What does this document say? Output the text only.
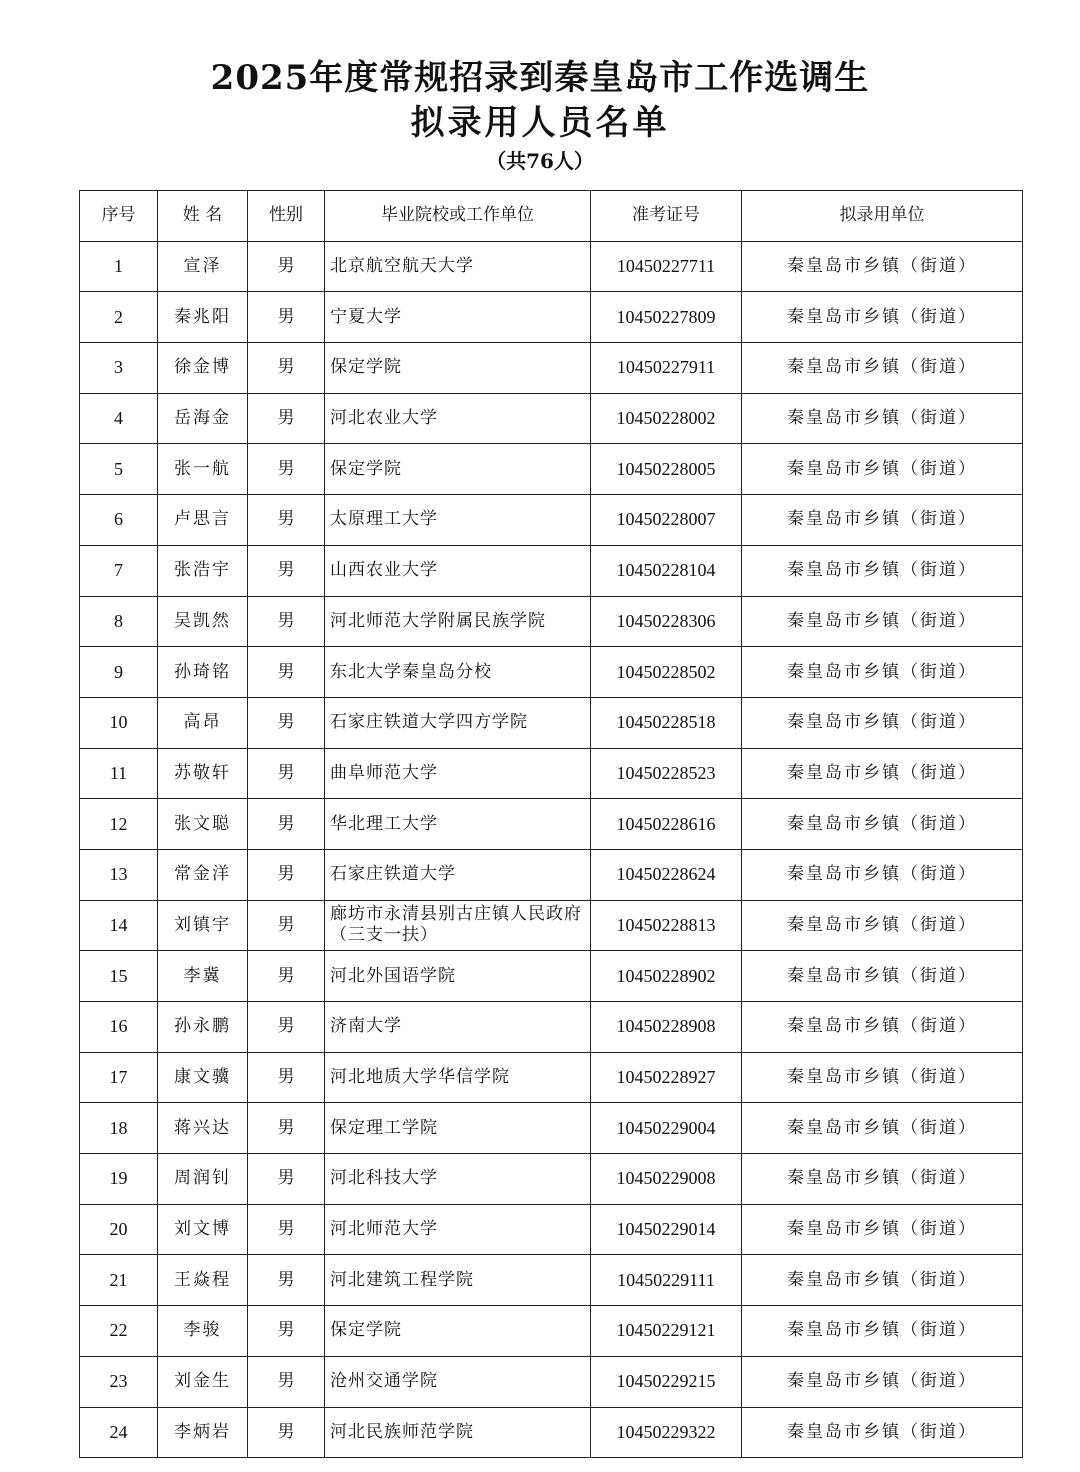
2025年度常规招录到秦皇岛市工作选调生
拟录用人员名单
（共76人）
序号	姓 名	性别	毕业院校或工作单位	准考证号	拟录用单位
1	宣泽	男	北京航空航天大学	10450227711	秦皇岛市乡镇（街道）
2	秦兆阳	男	宁夏大学	10450227809	秦皇岛市乡镇（街道）
3	徐金博	男	保定学院	10450227911	秦皇岛市乡镇（街道）
4	岳海金	男	河北农业大学	10450228002	秦皇岛市乡镇（街道）
5	张一航	男	保定学院	10450228005	秦皇岛市乡镇（街道）
6	卢思言	男	太原理工大学	10450228007	秦皇岛市乡镇（街道）
7	张浩宇	男	山西农业大学	10450228104	秦皇岛市乡镇（街道）
8	吴凯然	男	河北师范大学附属民族学院	10450228306	秦皇岛市乡镇（街道）
9	孙琦铭	男	东北大学秦皇岛分校	10450228502	秦皇岛市乡镇（街道）
10	高昂	男	石家庄铁道大学四方学院	10450228518	秦皇岛市乡镇（街道）
11	苏敬轩	男	曲阜师范大学	10450228523	秦皇岛市乡镇（街道）
12	张文聪	男	华北理工大学	10450228616	秦皇岛市乡镇（街道）
13	常金洋	男	石家庄铁道大学	10450228624	秦皇岛市乡镇（街道）
14	刘镇宇	男	廊坊市永清县别古庄镇人民政府（三支一扶）	10450228813	秦皇岛市乡镇（街道）
15	李冀	男	河北外国语学院	10450228902	秦皇岛市乡镇（街道）
16	孙永鹏	男	济南大学	10450228908	秦皇岛市乡镇（街道）
17	康文骥	男	河北地质大学华信学院	10450228927	秦皇岛市乡镇（街道）
18	蒋兴达	男	保定理工学院	10450229004	秦皇岛市乡镇（街道）
19	周润钊	男	河北科技大学	10450229008	秦皇岛市乡镇（街道）
20	刘文博	男	河北师范大学	10450229014	秦皇岛市乡镇（街道）
21	王焱程	男	河北建筑工程学院	10450229111	秦皇岛市乡镇（街道）
22	李骏	男	保定学院	10450229121	秦皇岛市乡镇（街道）
23	刘金生	男	沧州交通学院	10450229215	秦皇岛市乡镇（街道）
24	李炳岩	男	河北民族师范学院	10450229322	秦皇岛市乡镇（街道）
